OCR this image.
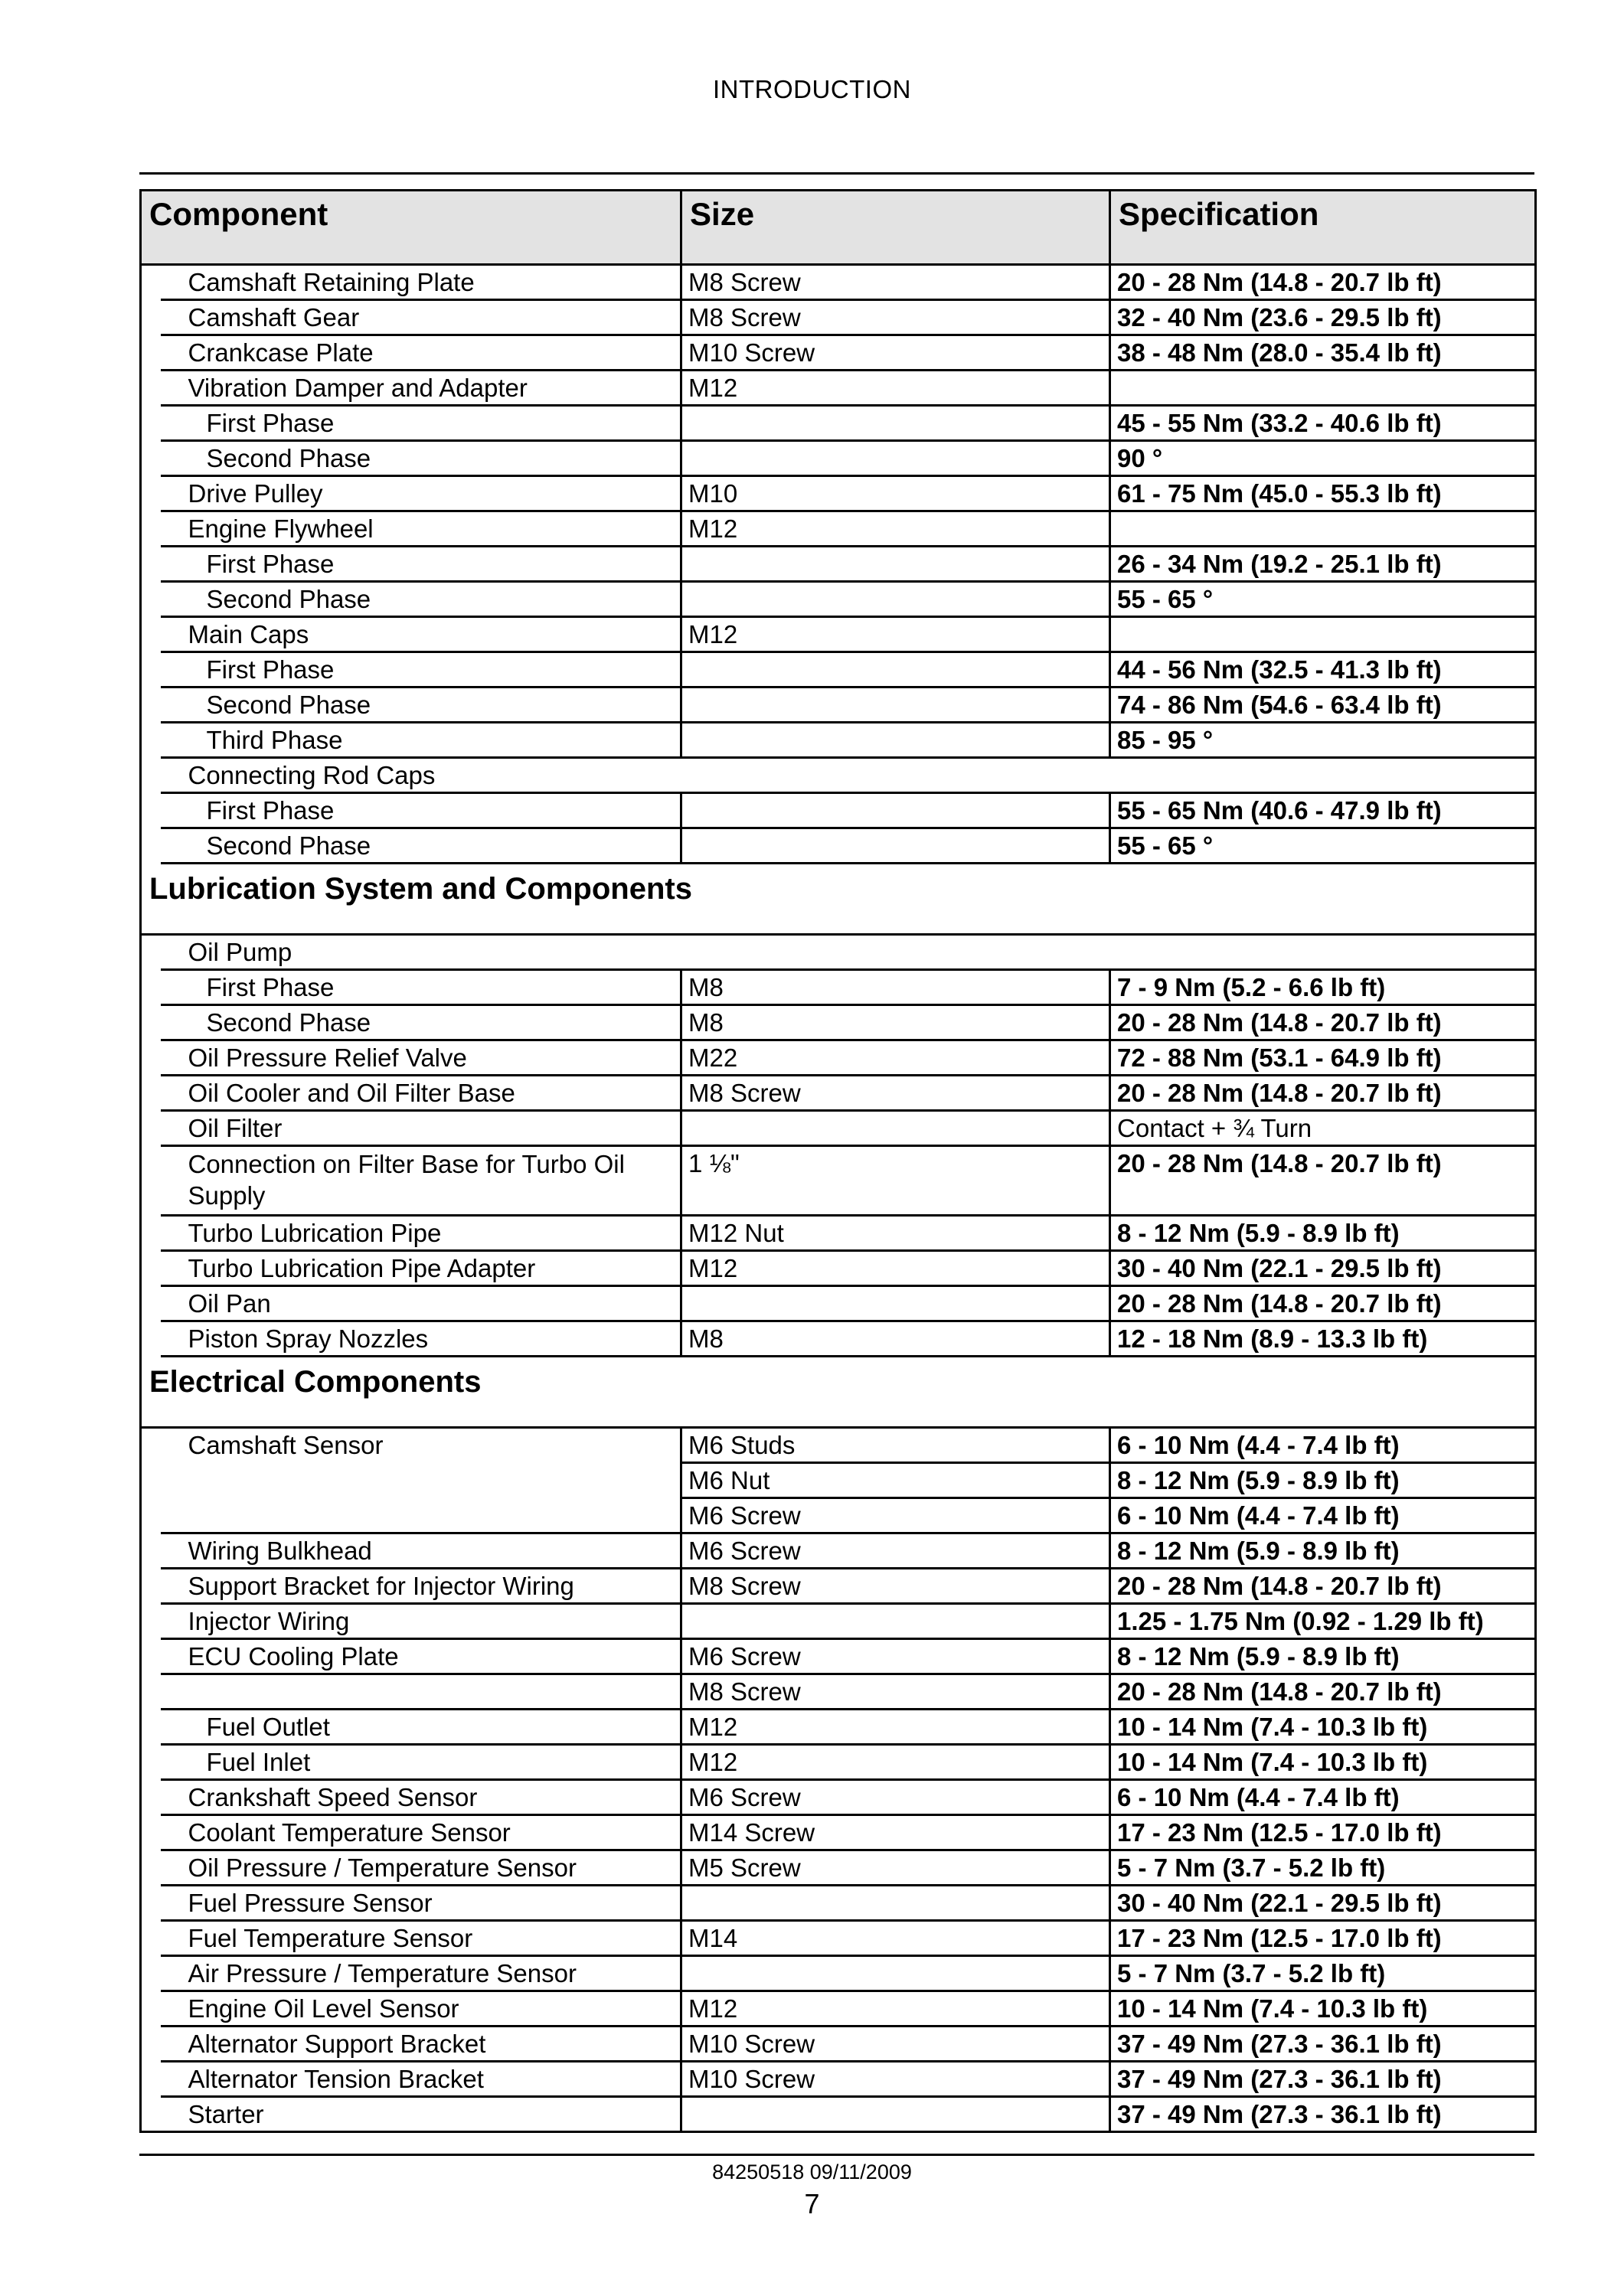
INTRODUCTION
Component		Size	Specification
	Camshaft Retaining Plate	M8 Screw	20 - 28 Nm (14.8 - 20.7 lb ft)
	Camshaft Gear	M8 Screw	32 - 40 Nm (23.6 - 29.5 lb ft)
	Crankcase Plate	M10 Screw	38 - 48 Nm (28.0 - 35.4 lb ft)
	Vibration Damper and Adapter	M12	
	First Phase		45 - 55 Nm (33.2 - 40.6 lb ft)
	Second Phase		90 °
	Drive Pulley	M10	61 - 75 Nm (45.0 - 55.3 lb ft)
	Engine Flywheel	M12	
	First Phase		26 - 34 Nm (19.2 - 25.1 lb ft)
	Second Phase		55 - 65 °
	Main Caps	M12	
	First Phase		44 - 56 Nm (32.5 - 41.3 lb ft)
	Second Phase		74 - 86 Nm (54.6 - 63.4 lb ft)
	Third Phase		85 - 95 °
	Connecting Rod Caps		
	First Phase		55 - 65 Nm (40.6 - 47.9 lb ft)
	Second Phase		55 - 65 °
Lubrication System and Components			
	Oil Pump		
	First Phase	M8	7 - 9 Nm (5.2 - 6.6 lb ft)
	Second Phase	M8	20 - 28 Nm (14.8 - 20.7 lb ft)
	Oil Pressure Relief Valve	M22	72 - 88 Nm (53.1 - 64.9 lb ft)
	Oil Cooler and Oil Filter Base	M8 Screw	20 - 28 Nm (14.8 - 20.7 lb ft)
	Oil Filter		Contact + ¾ Turn
	Connection on Filter Base for Turbo Oil Supply	1 ⅛"	20 - 28 Nm (14.8 - 20.7 lb ft)
	Turbo Lubrication Pipe	M12 Nut	8 - 12 Nm (5.9 - 8.9 lb ft)
	Turbo Lubrication Pipe Adapter	M12	30 - 40 Nm (22.1 - 29.5 lb ft)
	Oil Pan		20 - 28 Nm (14.8 - 20.7 lb ft)
	Piston Spray Nozzles	M8	12 - 18 Nm (8.9 - 13.3 lb ft)
Electrical Components			
	Camshaft Sensor	M6 Studs	6 - 10 Nm (4.4 - 7.4 lb ft)
		M6 Nut	8 - 12 Nm (5.9 - 8.9 lb ft)
		M6 Screw	6 - 10 Nm (4.4 - 7.4 lb ft)
	Wiring Bulkhead	M6 Screw	8 - 12 Nm (5.9 - 8.9 lb ft)
	Support Bracket for Injector Wiring	M8 Screw	20 - 28 Nm (14.8 - 20.7 lb ft)
	Injector Wiring		1.25 - 1.75 Nm (0.92 - 1.29 lb ft)
	ECU Cooling Plate	M6 Screw	8 - 12 Nm (5.9 - 8.9 lb ft)
		M8 Screw	20 - 28 Nm (14.8 - 20.7 lb ft)
	Fuel Outlet	M12	10 - 14 Nm (7.4 - 10.3 lb ft)
	Fuel Inlet	M12	10 - 14 Nm (7.4 - 10.3 lb ft)
	Crankshaft Speed Sensor	M6 Screw	6 - 10 Nm (4.4 - 7.4 lb ft)
	Coolant Temperature Sensor	M14 Screw	17 - 23 Nm (12.5 - 17.0 lb ft)
	Oil Pressure / Temperature Sensor	M5 Screw	5 - 7 Nm (3.7 - 5.2 lb ft)
	Fuel Pressure Sensor		30 - 40 Nm (22.1 - 29.5 lb ft)
	Fuel Temperature Sensor	M14	17 - 23 Nm (12.5 - 17.0 lb ft)
	Air Pressure / Temperature Sensor		5 - 7 Nm (3.7 - 5.2 lb ft)
	Engine Oil Level Sensor	M12	10 - 14 Nm (7.4 - 10.3 lb ft)
	Alternator Support Bracket	M10 Screw	37 - 49 Nm (27.3 - 36.1 lb ft)
	Alternator Tension Bracket	M10 Screw	37 - 49 Nm (27.3 - 36.1 lb ft)
	Starter		37 - 49 Nm (27.3 - 36.1 lb ft)
84250518 09/11/2009
7
